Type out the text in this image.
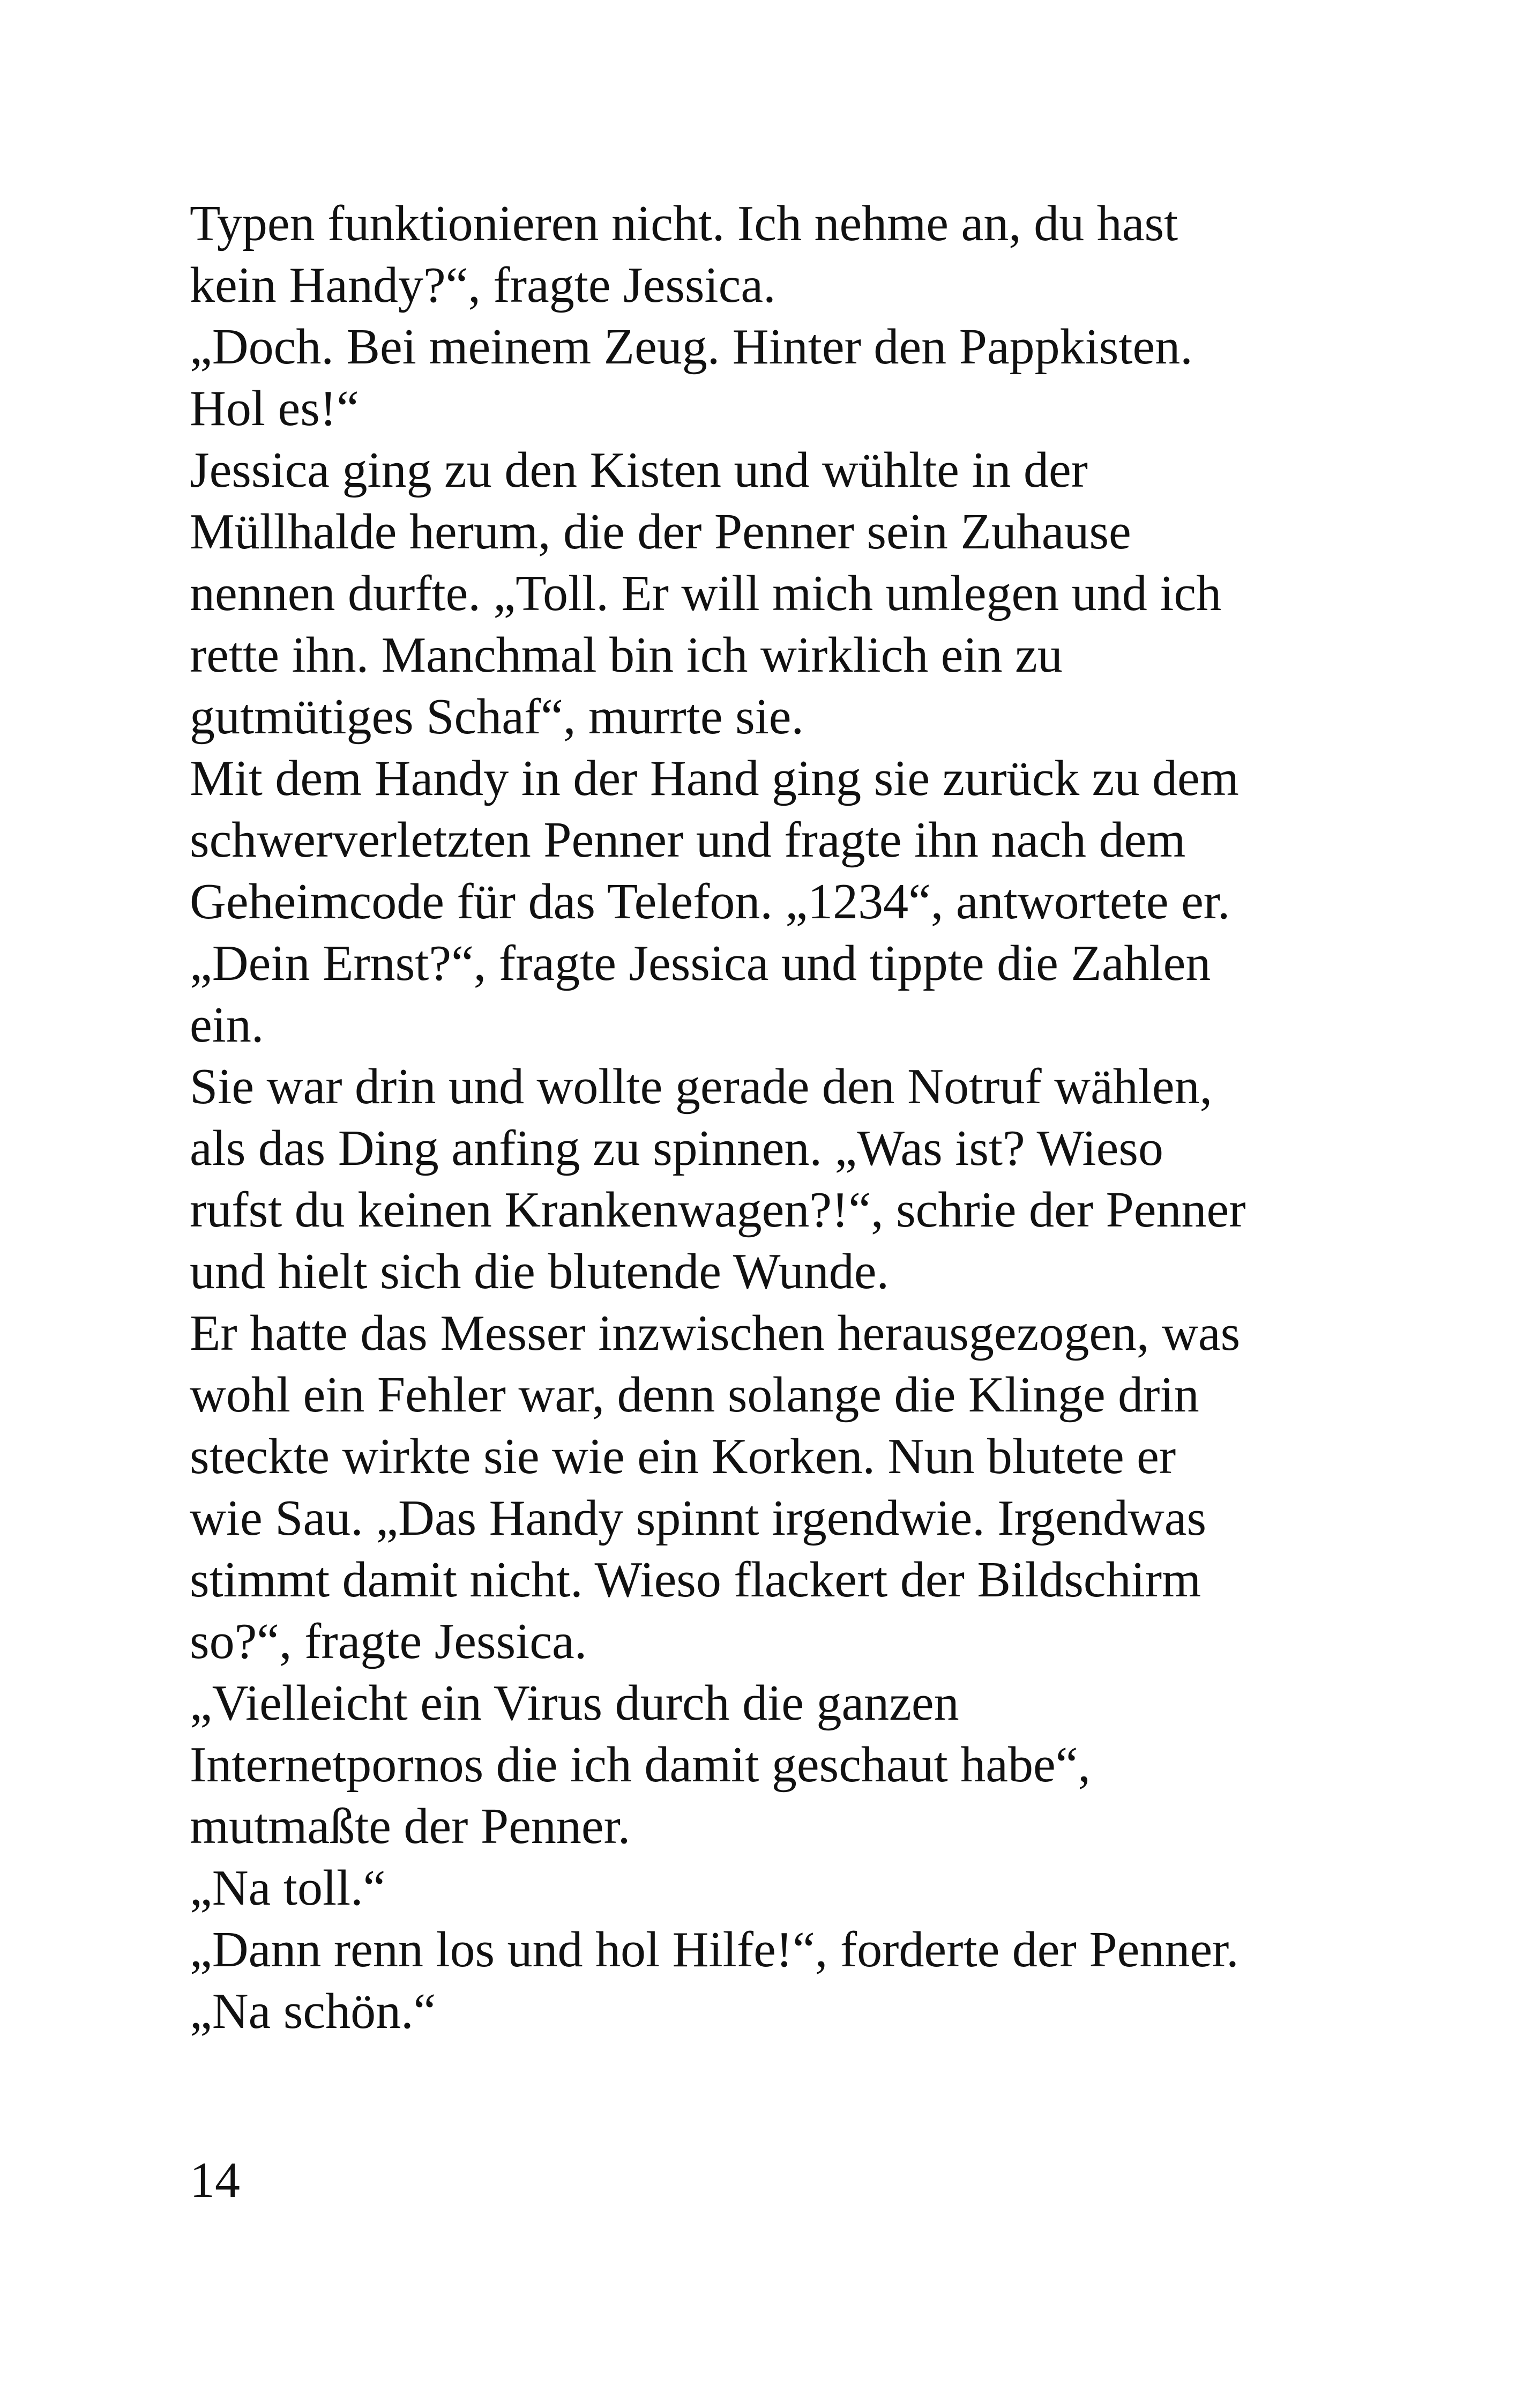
Typen funktionieren nicht. Ich nehme an, du hast
kein Handy?“, fragte Jessica.
„Doch. Bei meinem Zeug. Hinter den Pappkisten.
Hol es!“
Jessica ging zu den Kisten und wühlte in der
Müllhalde herum, die der Penner sein Zuhause
nennen durfte. „Toll. Er will mich umlegen und ich
rette ihn. Manchmal bin ich wirklich ein zu
gutmütiges Schaf“, murrte sie.
Mit dem Handy in der Hand ging sie zurück zu dem
schwerverletzten Penner und fragte ihn nach dem
Geheimcode für das Telefon. „1234“, antwortete er.
„Dein Ernst?“, fragte Jessica und tippte die Zahlen
ein.
Sie war drin und wollte gerade den Notruf wählen,
als das Ding anfing zu spinnen. „Was ist? Wieso
rufst du keinen Krankenwagen?!“, schrie der Penner
und hielt sich die blutende Wunde.
Er hatte das Messer inzwischen herausgezogen, was
wohl ein Fehler war, denn solange die Klinge drin
steckte wirkte sie wie ein Korken. Nun blutete er
wie Sau. „Das Handy spinnt irgendwie. Irgendwas
stimmt damit nicht. Wieso flackert der Bildschirm
so?“, fragte Jessica.
„Vielleicht ein Virus durch die ganzen
Internetpornos die ich damit geschaut habe“,
mutmaßte der Penner.
„Na toll.“
„Dann renn los und hol Hilfe!“, forderte der Penner.
„Na schön.“
14
